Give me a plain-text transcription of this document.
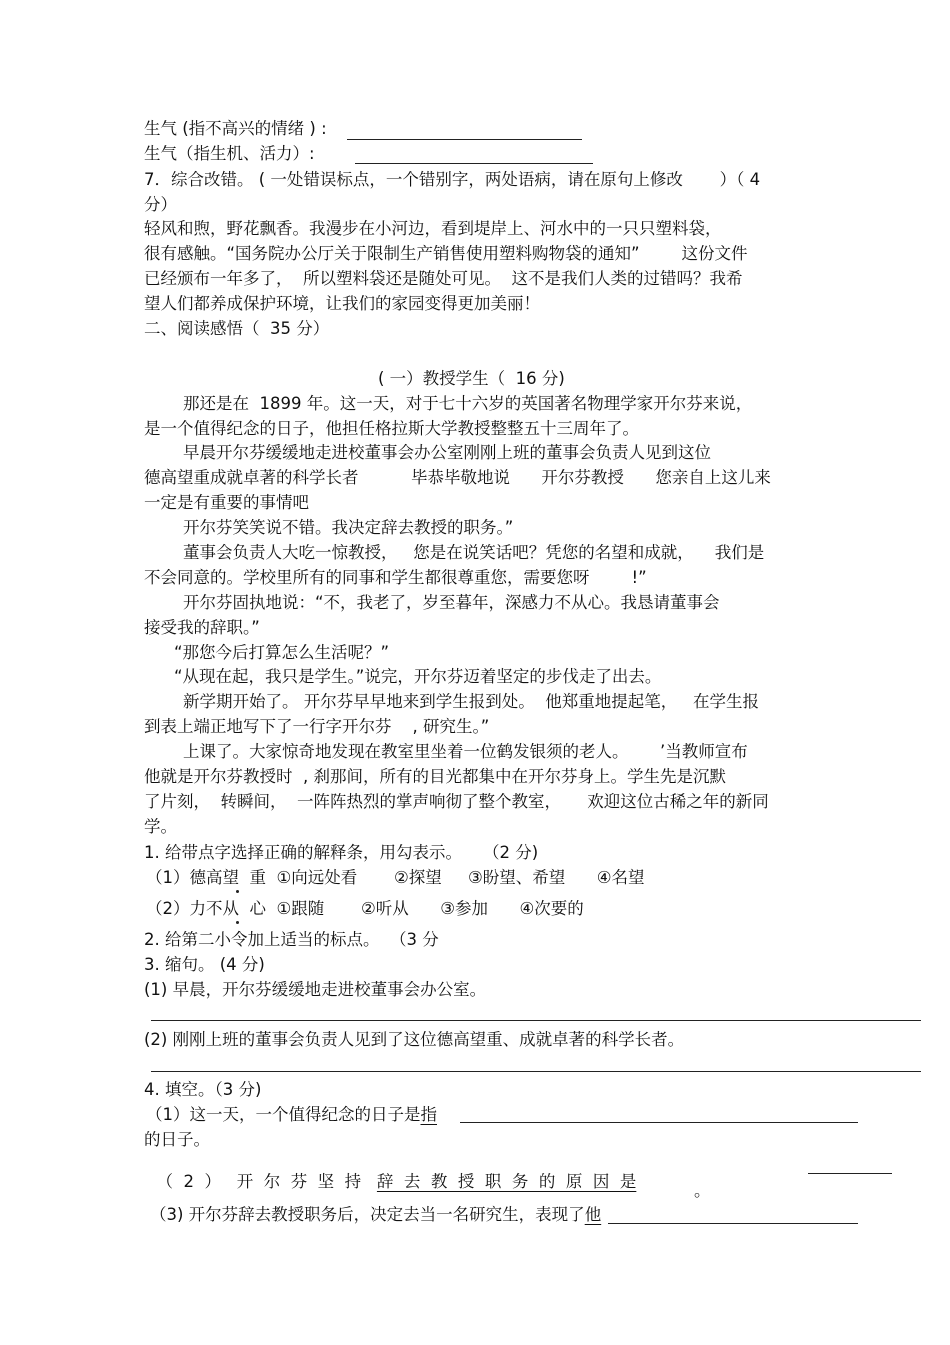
生气 (指不高兴的情绪 ) :
生气（指生机、活力）:
7．综合改错。 ( 一处错误标点，一个错别字，两处语病，请在原句上修改       ）（ 4
分）
轻风和煦，野花飘香。我漫步在小河边，看到堤岸上、河水中的一只只塑料袋，
很有感触。“国务院办公厅关于限制生产销售使用塑料购物袋的通知”        这份文件
已经颁布一年多了，  所以塑料袋还是随处可见。  这不是我们人类的过错吗？我希
望人们都养成保护环境，让我们的家园变得更加美丽！
二、阅读感悟（  35 分）
( 一）教授学生（  16 分)
那还是在  1899 年。这一天，对于七十六岁的英国著名物理学家开尔芬来说，
是一个值得纪念的日子，他担任格拉斯大学教授整整五十三周年了。
早晨开尔芬缓缓地走进校董事会办公室刚刚上班的董事会负责人见到这位
德高望重成就卓著的科学长者          毕恭毕敬地说      开尔芬教授      您亲自上这儿来
一定是有重要的事情吧
开尔芬笑笑说不错。我决定辞去教授的职务。”
董事会负责人大吃一惊教授，   您是在说笑话吧？凭您的名望和成就，    我们是
不会同意的。学校里所有的同事和学生都很尊重您，需要您呀        !”
开尔芬固执地说：“不，我老了，岁至暮年，深感力不从心。我恳请董事会
接受我的辞职。”
“那您今后打算怎么生活呢？”
“从现在起，我只是学生。”说完，开尔芬迈着坚定的步伐走了出去。
新学期开始了。 开尔芬早早地来到学生报到处。  他郑重地提起笔，   在学生报
到表上端正地写下了一行字开尔芬    , 研究生。”
上课了。大家惊奇地发现在教室里坐着一位鹤发银须的老人。      ’当教师宣布
他就是开尔芬教授时  , 刹那间，所有的目光都集中在开尔芬身上。学生先是沉默
了片刻，  转瞬间，  一阵阵热烈的掌声响彻了整个教室，     欢迎这位古稀之年的新同
学。
1. 给带点字选择正确的解释条，用勾表示。    （2 分)
（1）德高望  重  ①向远处看       ②探望     ③盼望、希望      ④名望
（2）力不从  心  ①跟随       ②听从      ③参加      ④次要的
2. 给第二小令加上适当的标点。  （3 分
3. 缩句。 (4 分)
(1) 早晨，开尔芬缓缓地走进校董事会办公室。
(2) 刚刚上班的董事会负责人见到了这位德高望重、成就卓著的科学长者。
4. 填空。（3 分)
（1）这一天，一个值得纪念的日子是指
的日子。

（  2  ）   开  尔  芬  坚  持 辞  去  教  授  职  务  的  原  因  是	。
（3) 开尔芬辞去教授职务后，决定去当一名研究生，表现了他
